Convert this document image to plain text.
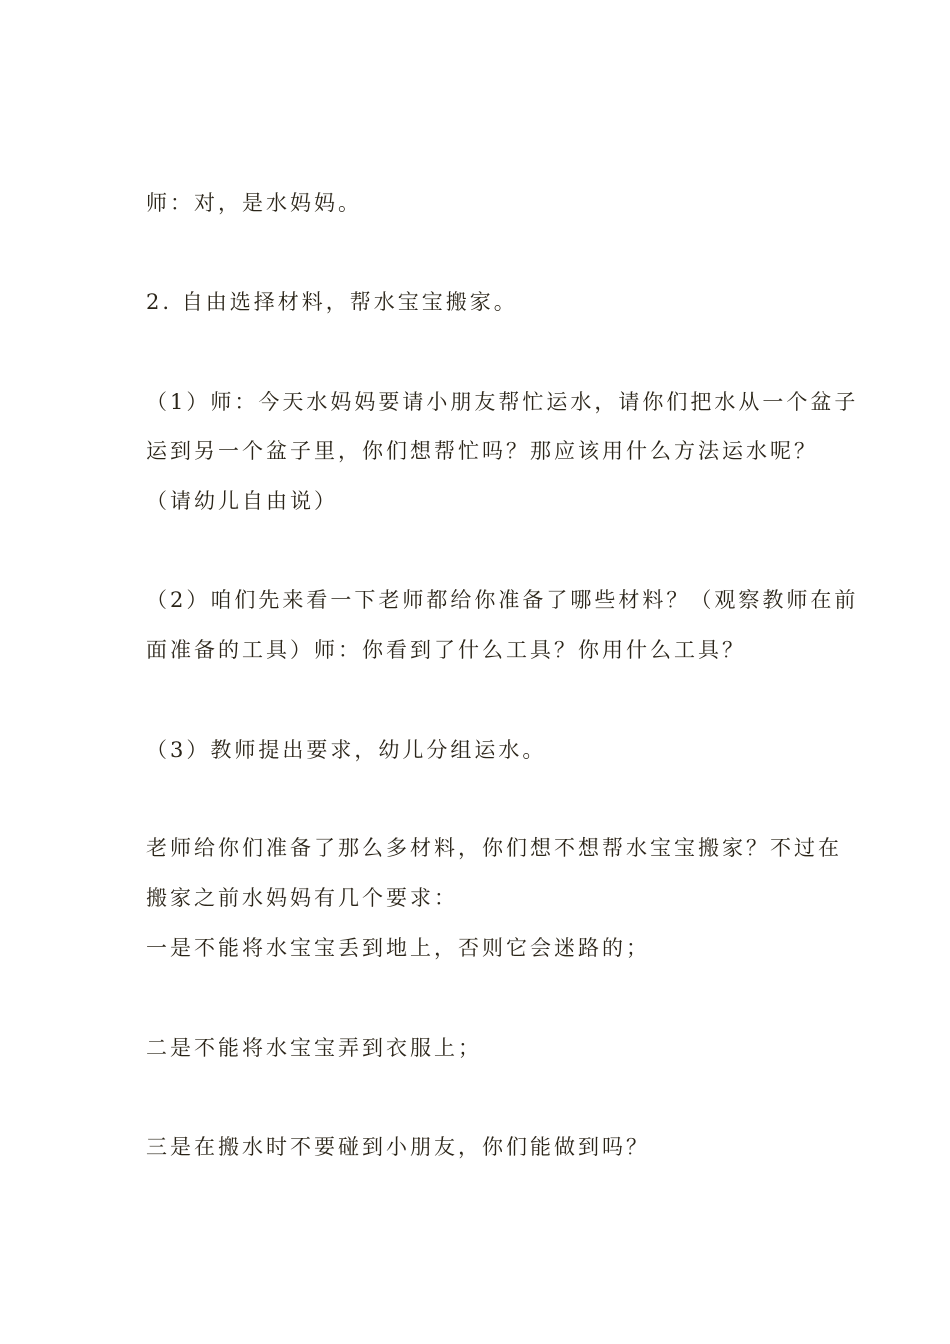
师：对，是水妈妈。
2. 自由选择材料，帮水宝宝搬家。
（1）师：今天水妈妈要请小朋友帮忙运水，请你们把水从一个盆子
运到另一个盆子里，你们想帮忙吗？那应该用什么方法运水呢？
（请幼儿自由说）
（2）咱们先来看一下老师都给你准备了哪些材料？（观察教师在前
面准备的工具）师：你看到了什么工具？你用什么工具？
（3）教师提出要求，幼儿分组运水。
老师给你们准备了那么多材料，你们想不想帮水宝宝搬家？不过在
搬家之前水妈妈有几个要求：
一是不能将水宝宝丢到地上，否则它会迷路的；
二是不能将水宝宝弄到衣服上；
三是在搬水时不要碰到小朋友，你们能做到吗？
